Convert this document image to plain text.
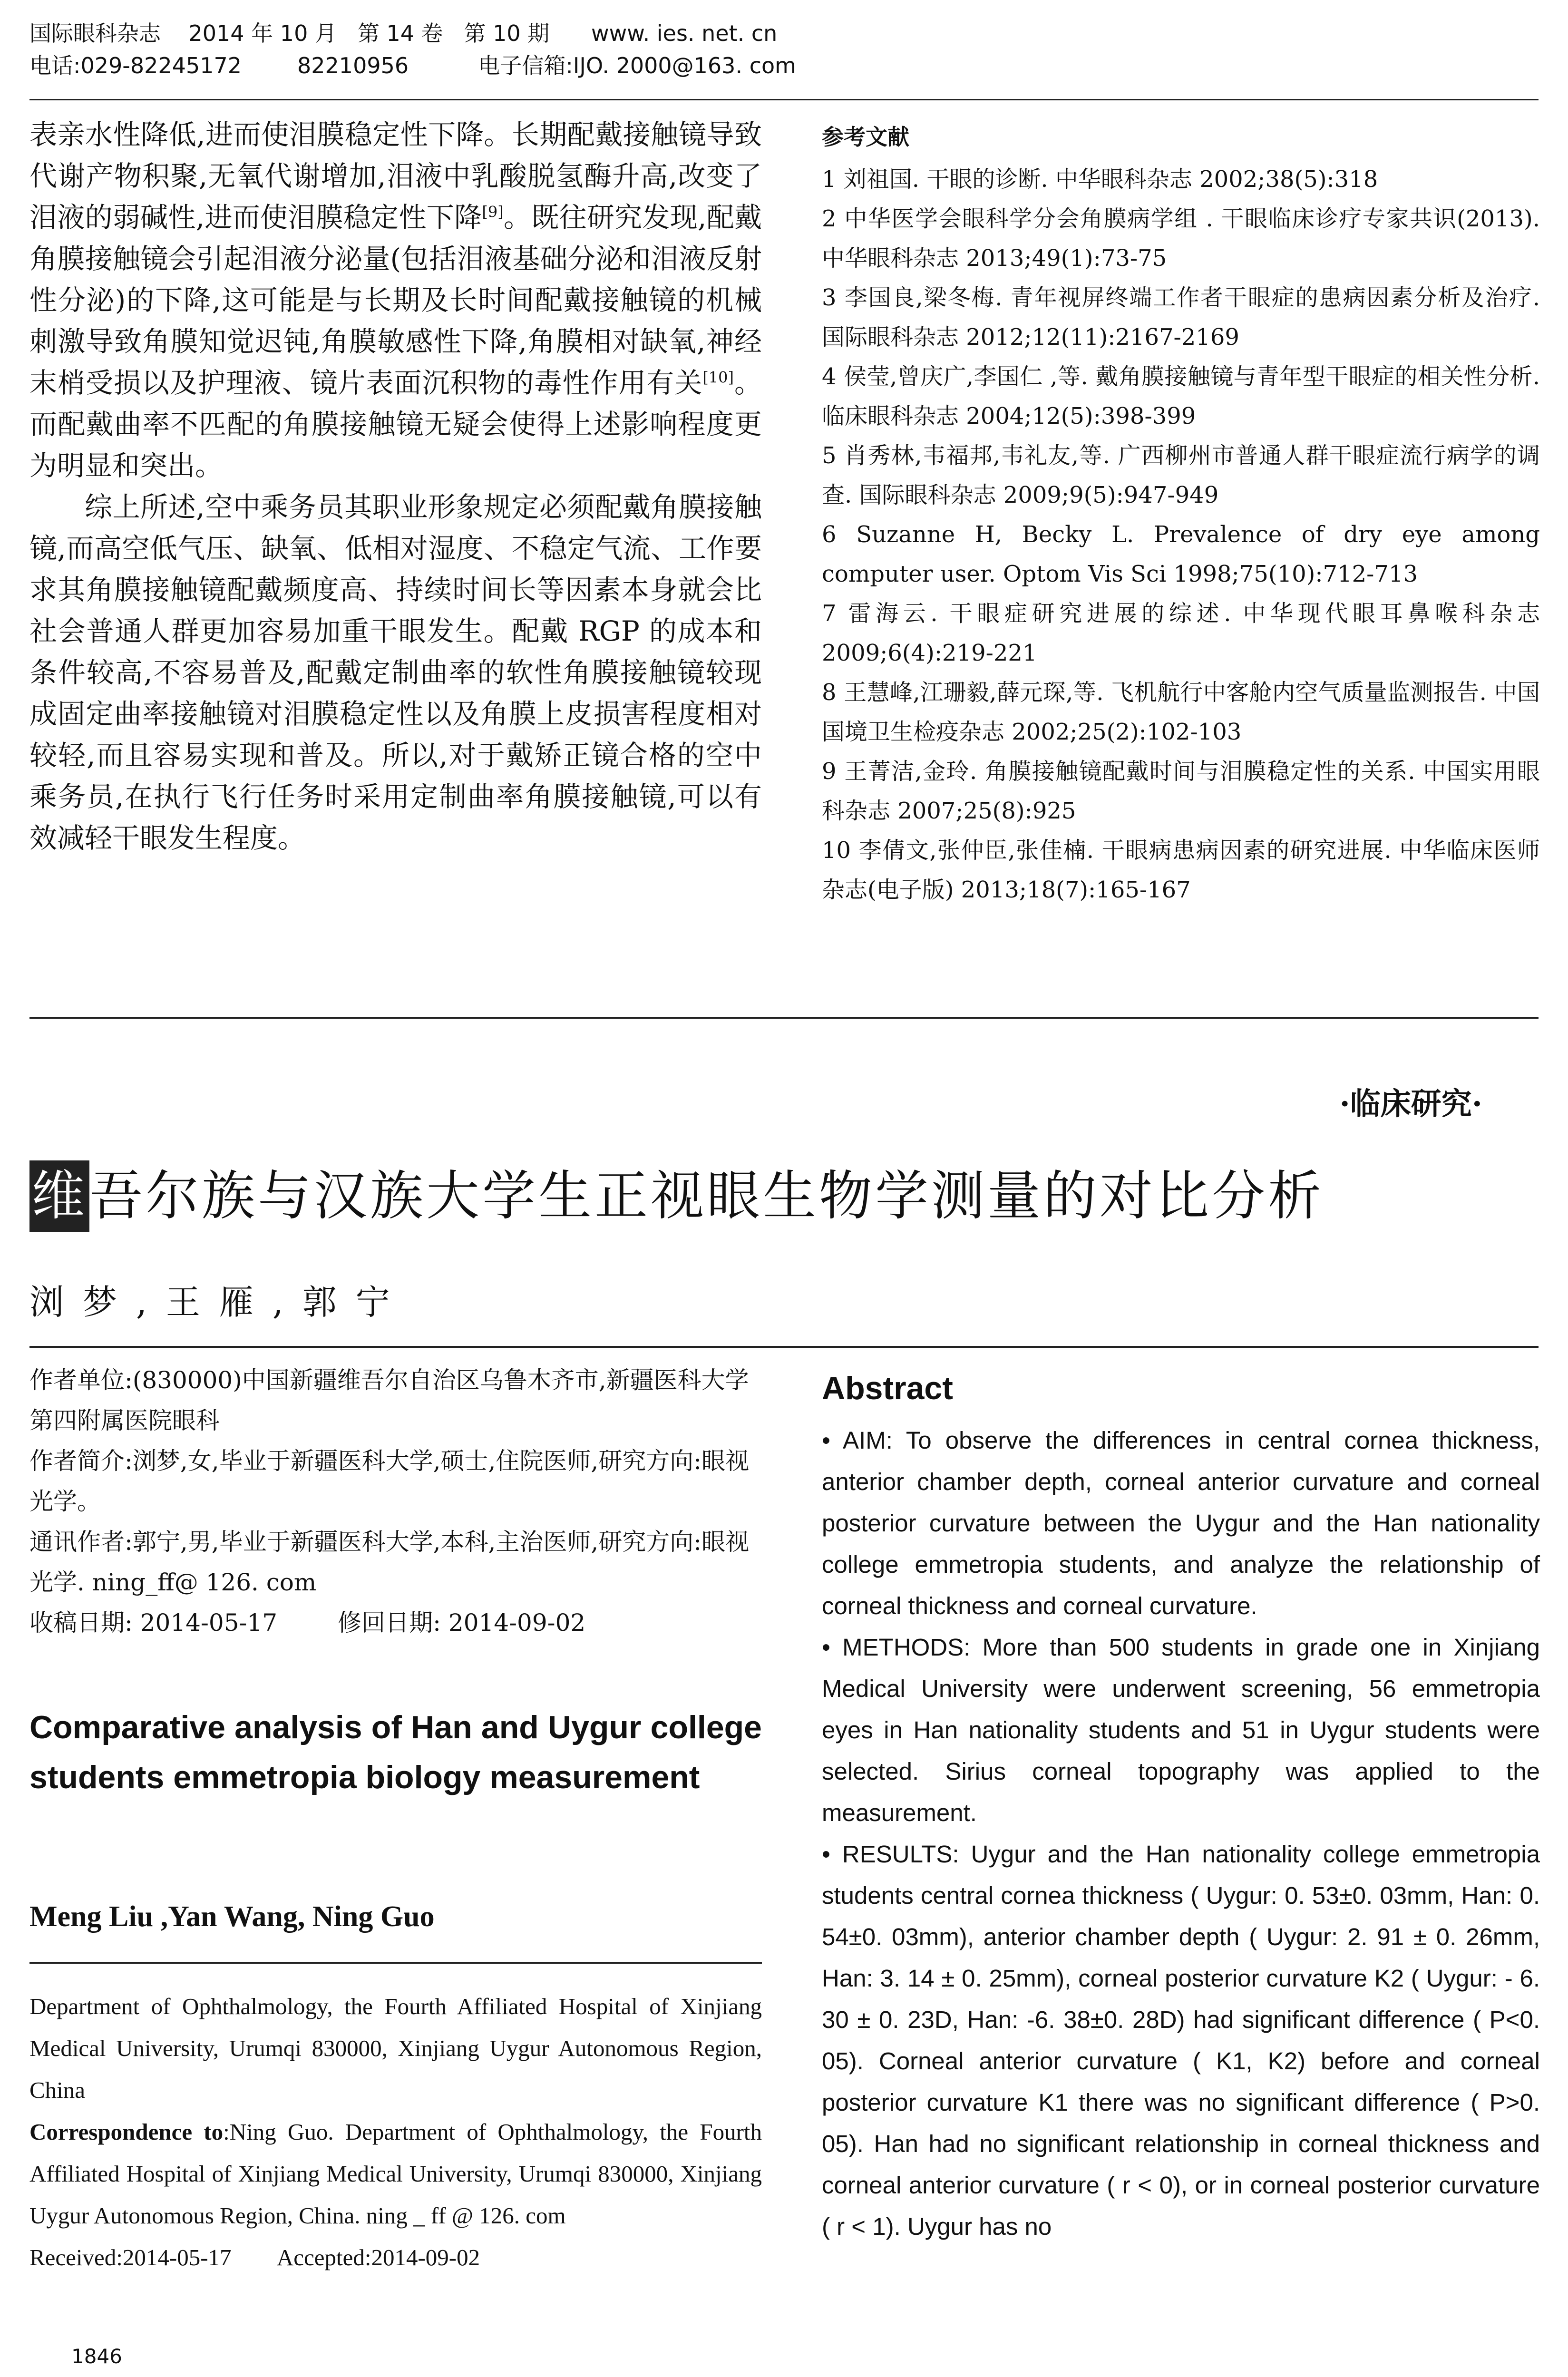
国际眼科杂志    2014 年 10 月   第 14 卷   第 10 期      www. ies. net. cn
电话:029-82245172        82210956          电子信箱:IJO. 2000@163. com

表亲水性降低,进而使泪膜稳定性下降。长期配戴接触镜导致代谢产物积聚,无氧代谢增加,泪液中乳酸脱氢酶升高,改变了泪液的弱碱性,进而使泪膜稳定性下降[9]。既往研究发现,配戴角膜接触镜会引起泪液分泌量(包括泪液基础分泌和泪液反射性分泌)的下降,这可能是与长期及长时间配戴接触镜的机械刺激导致角膜知觉迟钝,角膜敏感性下降,角膜相对缺氧,神经末梢受损以及护理液、镜片表面沉积物的毒性作用有关[10]。而配戴曲率不匹配的角膜接触镜无疑会使得上述影响程度更为明显和突出。

综上所述,空中乘务员其职业形象规定必须配戴角膜接触镜,而高空低气压、缺氧、低相对湿度、不稳定气流、工作要求其角膜接触镜配戴频度高、持续时间长等因素本身就会比社会普通人群更加容易加重干眼发生。配戴 RGP 的成本和条件较高,不容易普及,配戴定制曲率的软性角膜接触镜较现成固定曲率接触镜对泪膜稳定性以及角膜上皮损害程度相对较轻,而且容易实现和普及。所以,对于戴矫正镜合格的空中乘务员,在执行飞行任务时采用定制曲率角膜接触镜,可以有效减轻干眼发生程度。

参考文献

1 刘祖国. 干眼的诊断. 中华眼科杂志 2002;38(5):318

2 中华医学会眼科学分会角膜病学组 . 干眼临床诊疗专家共识(2013). 中华眼科杂志 2013;49(1):73-75

3 李国良,梁冬梅. 青年视屏终端工作者干眼症的患病因素分析及治疗. 国际眼科杂志 2012;12(11):2167-2169

4 侯莹,曾庆广,李国仁 ,等. 戴角膜接触镜与青年型干眼症的相关性分析. 临床眼科杂志 2004;12(5):398-399

5 肖秀林,韦福邦,韦礼友,等. 广西柳州市普通人群干眼症流行病学的调查. 国际眼科杂志 2009;9(5):947-949

6 Suzanne H, Becky L. Prevalence of dry eye among computer user. Optom Vis Sci 1998;75(10):712-713

7 雷海云. 干眼症研究进展的综述. 中华现代眼耳鼻喉科杂志 2009;6(4):219-221

8 王慧峰,江珊毅,薛元琛,等. 飞机航行中客舱内空气质量监测报告. 中国国境卫生检疫杂志 2002;25(2):102-103

9 王菁洁,金玲. 角膜接触镜配戴时间与泪膜稳定性的关系. 中国实用眼科杂志 2007;25(8):925

10 李倩文,张仲臣,张佳楠. 干眼病患病因素的研究进展. 中华临床医师杂志(电子版) 2013;18(7):165-167

·临床研究·
维吾尔族与汉族大学生正视眼生物学测量的对比分析
浏梦,王雁,郭宁

作者单位:(830000)中国新疆维吾尔自治区乌鲁木齐市,新疆医科大学第四附属医院眼科

作者简介:浏梦,女,毕业于新疆医科大学,硕士,住院医师,研究方向:眼视光学。

通讯作者:郭宁,男,毕业于新疆医科大学,本科,主治医师,研究方向:眼视光学. ning_ff@ 126. com

收稿日期: 2014-05-17        修回日期: 2014-09-02

Comparative analysis of Han and Uygur college students emmetropia biology measurement
Meng Liu ,Yan Wang, Ning Guo

Department of Ophthalmology, the Fourth Affiliated Hospital of Xinjiang Medical University, Urumqi 830000, Xinjiang Uygur Autonomous Region, China

Correspondence to:Ning Guo. Department of Ophthalmology, the Fourth Affiliated Hospital of Xinjiang Medical University, Urumqi 830000, Xinjiang Uygur Autonomous Region, China. ning _ ff @ 126. com

Received:2014-05-17        Accepted:2014-09-02

Abstract

• AIM: To observe the differences in central cornea thickness, anterior chamber depth, corneal anterior curvature and corneal posterior curvature between the Uygur and the Han nationality college emmetropia students, and analyze the relationship of corneal thickness and corneal curvature.

• METHODS: More than 500 students in grade one in Xinjiang Medical University were underwent screening, 56 emmetropia eyes in Han nationality students and 51 in Uygur students were selected. Sirius corneal topography was applied to the measurement.

• RESULTS: Uygur and the Han nationality college emmetropia students central cornea thickness ( Uygur: 0. 53±0. 03mm, Han: 0. 54±0. 03mm), anterior chamber depth ( Uygur: 2. 91 ± 0. 26mm, Han: 3. 14 ± 0. 25mm), corneal posterior curvature K2 ( Uygur: - 6. 30 ± 0. 23D, Han: -6. 38±0. 28D) had significant difference ( P<0. 05). Corneal anterior curvature ( K1, K2) before and corneal posterior curvature K1 there was no significant difference ( P>0. 05). Han had no significant relationship in corneal thickness and corneal anterior curvature ( r < 0), or in corneal posterior curvature ( r < 1). Uygur has no

1846
